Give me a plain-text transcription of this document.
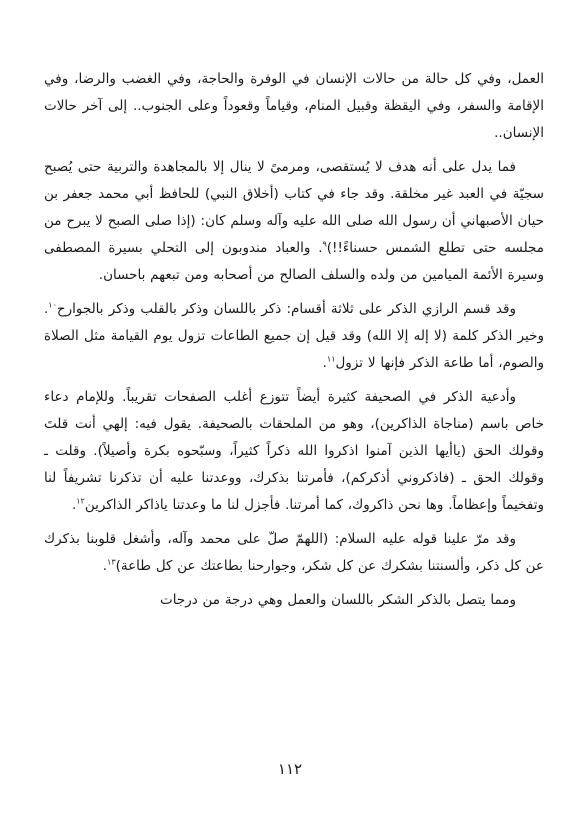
العمل، وفي كل حالة من حالات الإنسان في الوفرة والحاجة، وفي الغضب والرضا، وفي الإقامة والسفر، وفي اليقظة وقبيل المنام، وقياماً وقعوداً وعلى الجنوب.. إلى آخر حالات الإنسان..

فما يدل على أنه هدف لا يُستقصى، ومرمىً لا ينال إلا بالمجاهدة والتربية حتى يُصبح سجيّة في العبد غير مخلقة. وقد جاء في كتاب (أخلاق النبي) للحافظ أبي محمد جعفر بن حيان الأصبهاني أن رسول الله صلى الله عليه وآله وسلم كان: (إذا صلى الصبح لا يبرح من مجلسه حتى تطلع الشمس حسناءً!!)$^٩$. والعباد مندوبون إلى التحلي بسيرة المصطفى وسيرة الأئمة الميامين من ولده والسلف الصالح من أصحابه ومن تبعهم باحسان.

وقد قسم الرازي الذكر على ثلاثة أقسام: ذكر باللسان وذكر بالقلب وذكر بالجوارح$^{١٠}$. وخير الذكر كلمة (لا إله إلا الله) وقد قيل إن جميع الطاعات تزول يوم القيامة مثل الصلاة والصوم، أما طاعة الذكر فإنها لا تزول$^{١١}$.

وأدعية الذكر في الصحيفة كثيرة أيضاً تتوزع أغلب الصفحات تقريباً. وللإمام دعاء خاص باسم (مناجاة الذاكرين)، وهو من الملحقات بالصحيفة. يقول فيه: إلهي أنت قلتَ وقولك الحق (ياأيها الذين آمنوا اذكروا الله ذكراً كثيراً، وسبّحوه بكرة وأصيلاً). وقلت ـ وقولك الحق ـ (فاذكروني أذكركم)، فأمرتنا بذكرك، ووعدتنا عليه أن تذكرنا تشريفاً لنا وتفخيماً وإعظاماً. وها نحن ذاكروك، كما أمرتنا. فأجزل لنا ما وعدتنا ياذاكر الذاكرين$^{١٢}$.

وقد مرّ علينا قوله عليه السلام: (اللهمّ صلّ على محمد وآله، وأشغل قلوبنا بذكرك عن كل ذكر، وألسنتنا بشكرك عن كل شكر، وجوارحنا بطاعتك عن كل طاعة)$^{١٣}$.

ومما يتصل بالذكر الشكر باللسان والعمل وهي درجة من درجات

١١٢
